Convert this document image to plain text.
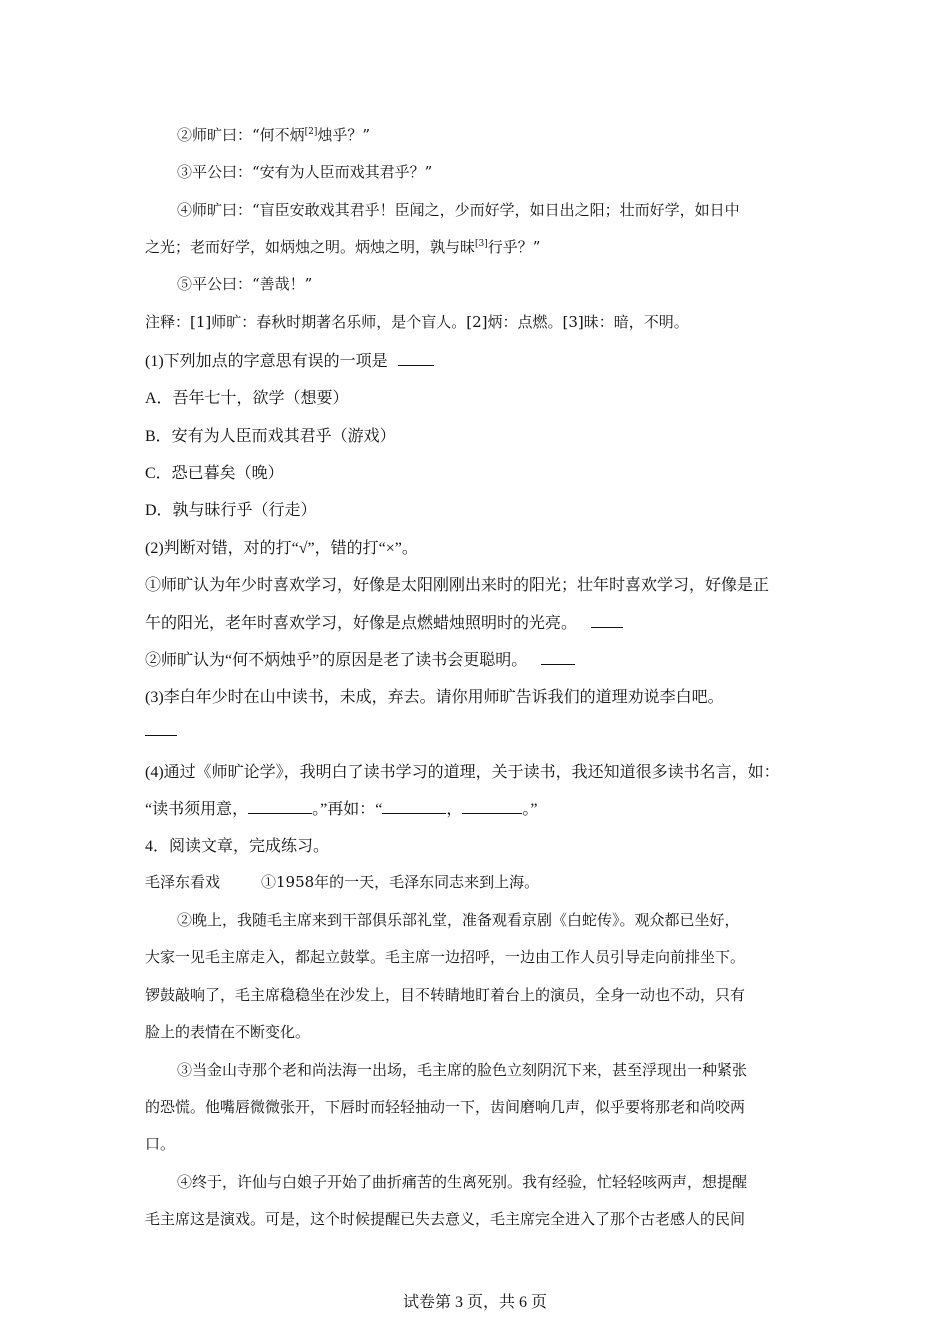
②师旷曰：“何不炳[2]烛乎？”
③平公曰：“安有为人臣而戏其君乎？”
④师旷曰：“盲臣安敢戏其君乎！臣闻之，少而好学，如日出之阳；壮而好学，如日中
之光；老而好学，如炳烛之明。炳烛之明，孰与昧[3]行乎？”
⑤平公曰：“善哉！”
注释：[1]师旷：春秋时期著名乐师，是个盲人。[2]炳：点燃。[3]昧：暗，不明。
(1)下列加点的字意思有误的一项是
A．吾年七十，欲学（想要）
B．安有为人臣而戏其君乎（游戏）
C．恐已暮矣（晚）
D．孰与昧行乎（行走）
(2)判断对错，对的打“√”，错的打“×”。
①师旷认为年少时喜欢学习，好像是太阳刚刚出来时的阳光；壮年时喜欢学习，好像是正
午的阳光，老年时喜欢学习，好像是点燃蜡烛照明时的光亮。
②师旷认为“何不炳烛乎”的原因是老了读书会更聪明。
(3)李白年少时在山中读书，未成，弃去。请你用师旷告诉我们的道理劝说李白吧。
(4)通过《师旷论学》，我明白了读书学习的道理，关于读书，我还知道很多读书名言，如：
“读书须用意，	。”再如：“	，	。”
4．阅读文章，完成练习。
毛泽东看戏	①1958年的一天，毛泽东同志来到上海。
②晚上，我随毛主席来到干部俱乐部礼堂，准备观看京剧《白蛇传》。观众都已坐好，
大家一见毛主席走入，都起立鼓掌。毛主席一边招呼，一边由工作人员引导走向前排坐下。
锣鼓敲响了，毛主席稳稳坐在沙发上，目不转睛地盯着台上的演员，全身一动也不动，只有
脸上的表情在不断变化。
③当金山寺那个老和尚法海一出场，毛主席的脸色立刻阴沉下来，甚至浮现出一种紧张
的恐慌。他嘴唇微微张开，下唇时而轻轻抽动一下，齿间磨响几声，似乎要将那老和尚咬两
口。
④终于，许仙与白娘子开始了曲折痛苦的生离死别。我有经验，忙轻轻咳两声，想提醒
毛主席这是演戏。可是，这个时候提醒已失去意义，毛主席完全进入了那个古老感人的民间
试卷第 3 页，共 6 页
